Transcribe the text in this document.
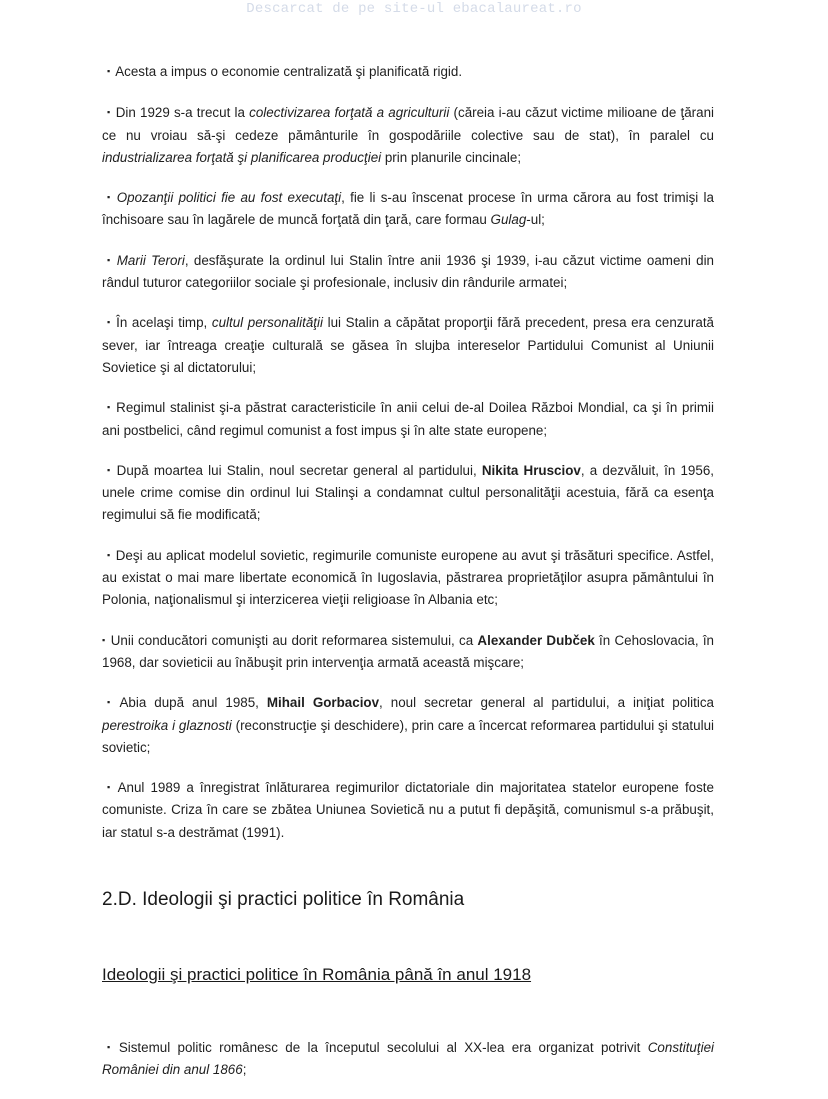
Descarcat de pe site-ul ebacalaureat.ro

▪ Acesta a impus o economie centralizată şi planificată rigid.

▪ Din 1929 s-a trecut la colectivizarea forţată a agriculturii (căreia i-au căzut victime milioane de ţărani ce nu vroiau să-şi cedeze pământurile în gospodăriile colective sau de stat), în paralel cu industrializarea forţată şi planificarea producţiei prin planurile cincinale;

▪ Opozanţii politici fie au fost executaţi, fie li s-au înscenat procese în urma cărora au fost trimişi la închisoare sau în lagărele de muncă forţată din ţară, care formau Gulag-ul;

▪ Marii Terori, desfăşurate la ordinul lui Stalin între anii 1936 şi 1939, i-au căzut victime oameni din rândul tuturor categoriilor sociale şi profesionale, inclusiv din rândurile armatei;

▪ În acelaşi timp, cultul personalităţii lui Stalin a căpătat proporţii fără precedent, presa era cenzurată sever, iar întreaga creaţie culturală se găsea în slujba intereselor Partidului Comunist al Uniunii Sovietice şi al dictatorului;

▪ Regimul stalinist şi-a păstrat caracteristicile în anii celui de-al Doilea Război Mondial, ca şi în primii ani postbelici, când regimul comunist a fost impus şi în alte state europene;

▪ După moartea lui Stalin, noul secretar general al partidului, Nikita Hrusciov, a dezvăluit, în 1956, unele crime comise din ordinul lui Stalinşi a condamnat cultul personalităţii acestuia, fără ca esenţa regimului să fie modificată;

▪ Deşi au aplicat modelul sovietic, regimurile comuniste europene au avut şi trăsături specifice. Astfel, au existat o mai mare libertate economică în Iugoslavia, păstrarea proprietăţilor asupra pământului în Polonia, naţionalismul şi interzicerea vieţii religioase în Albania etc;

▪ Unii conducători comunişti au dorit reformarea sistemului, ca Alexander Dubček în Cehoslovacia, în 1968, dar sovieticii au înăbuşit prin intervenţia armată această mişcare;

▪ Abia după anul 1985, Mihail Gorbaciov, noul secretar general al partidului, a iniţiat politica perestroika i glaznosti (reconstrucţie şi deschidere), prin care a încercat reformarea partidului şi statului sovietic;

▪ Anul 1989 a înregistrat înlăturarea regimurilor dictatoriale din majoritatea statelor europene foste comuniste. Criza în care se zbătea Uniunea Sovietică nu a putut fi depăşită, comunismul s-a prăbuşit, iar statul s-a destrămat (1991).

2.D. Ideologii şi practici politice în România
Ideologii şi practici politice în România până în anul 1918

▪ Sistemul politic românesc de la începutul secolului al XX-lea era organizat potrivit Constituţiei României din anul 1866;
